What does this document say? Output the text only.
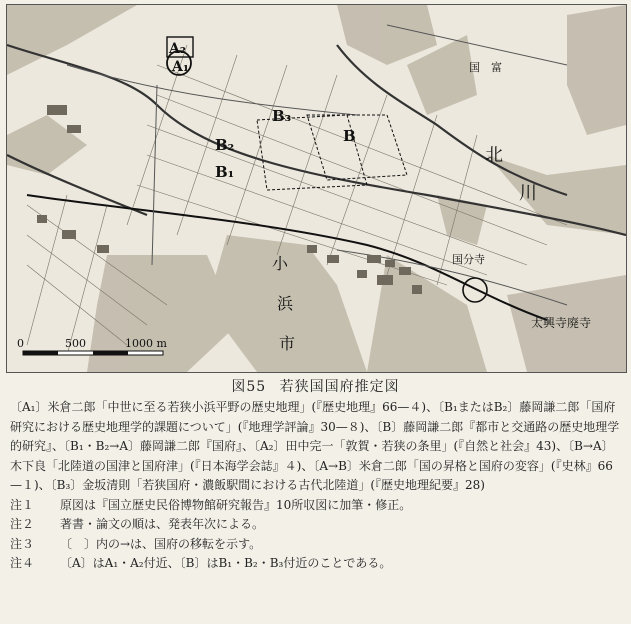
0	500	1000 m
A₂
A₁
B₁
B₂
B₃
B
北
川
国　富
小
浜
市
国分寺
太興寺廃寺
図55 若狭国国府推定図

〔A₁〕米倉二郎「中世に至る若狭小浜平野の歴史地理」(『歴史地理』66—４)、〔B₁またはB₂〕藤岡謙二郎「国府研究における歴史地理学的課題について」(『地理学評論』30—８)、〔B〕藤岡謙二郎『都市と交通路の歴史地理学的研究』、〔B₁・B₂→A〕藤岡謙二郎『国府』、〔A₂〕田中完一「敦賀・若狭の条里」(『自然と社会』43)、〔B→A〕木下良「北陸道の国津と国府津」(『日本海学会誌』４)、〔A→B〕米倉二郎「国の昇格と国府の変容」(『史林』66—１)、〔B₃〕金坂清則「若狭国府・濃飯駅間における古代北陸道」(『歴史地理紀要』28)

注１	原図は『国立歴史民俗博物館研究報告』10所収図に加筆・修正。
注２	著書・論文の順は、発表年次による。
注３	〔　〕内の→は、国府の移転を示す。
注４	〔A〕はA₁・A₂付近、〔B〕はB₁・B₂・B₃付近のことである。
